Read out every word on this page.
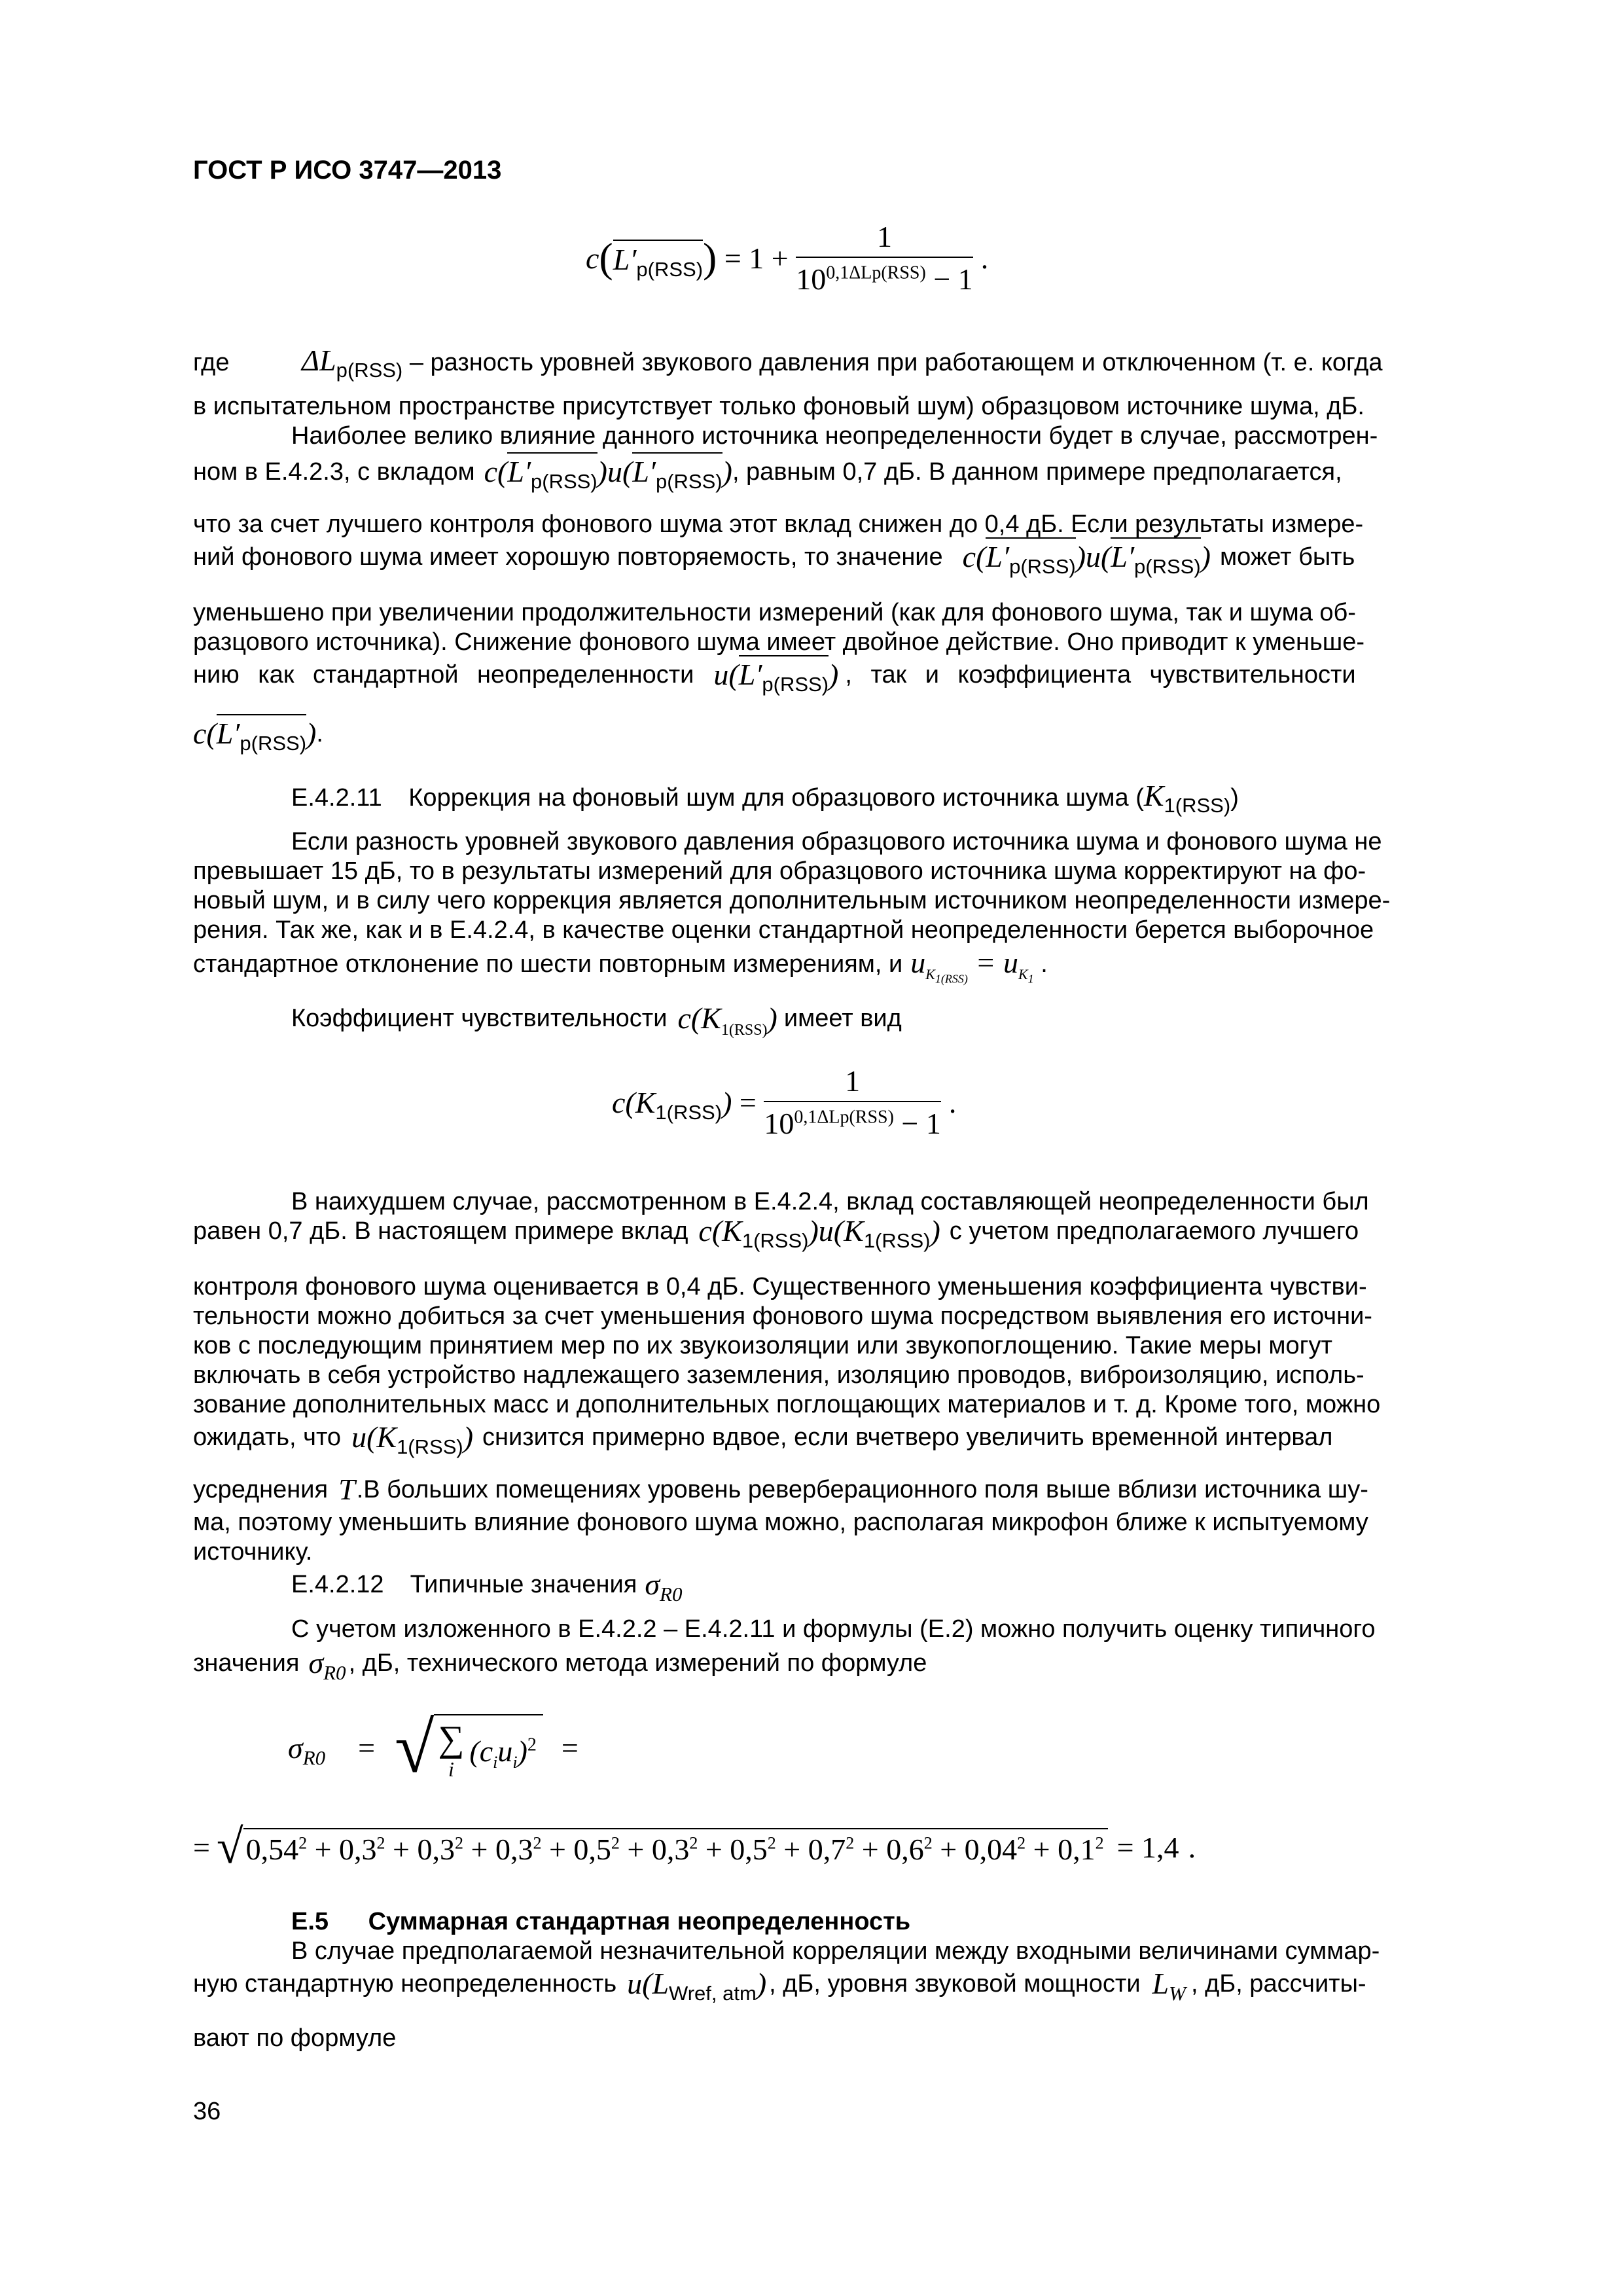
ГОСТ Р ИСО 3747—2013
c ( $L'_{p(RSS)}$ ) = $1 + \frac{1}{10^{0,1\Delta Lp(RSS)} - 1}$ .
где $\Delta L_{p(RSS)}$ – разность уровней звукового давления при работающем и отключенном (т. е. когда
в испытательном пространстве присутствует только фоновый шум) образцовом источнике шума, дБ.
Наиболее велико влияние данного источника неопределенности будет в случае, рассмотрен-
ном в Е.4.2.3, с вкладом $c(L'_{p(RSS)})u(L'_{p(RSS)})$ , равным 0,7 дБ. В данном примере предполагается,
что за счет лучшего контроля фонового шума этот вклад снижен до 0,4 дБ. Если результаты измере-
ний фонового шума имеет хорошую повторяемость, то значение $c(L'_{p(RSS)})u(L'_{p(RSS)})$ может быть
уменьшено при увеличении продолжительности измерений (как для фонового шума, так и шума об-
разцового источника). Снижение фонового шума имеет двойное действие. Оно приводит к уменьше-
нию как стандартной неопределенности $u(L'_{p(RSS)})$ , так и коэффициента чувствительности
$c(L'_{p(RSS)})$ .
Е.4.2.11 Коррекция на фоновый шум для образцового источника шума $(K_{1(RSS)})$
Если разность уровней звукового давления образцового источника шума и фонового шума не
превышает 15 дБ, то в результаты измерений для образцового источника шума корректируют на фо-
новый шум, и в силу чего коррекция является дополнительным источником неопределенности измере-
рения. Так же, как и в Е.4.2.4, в качестве оценки стандартной неопределенности берется выборочное
стандартное отклонение по шести повторным измерениям, и $u_{K_{1(RSS)}} = u_{K_1}$
.
Коэффициент чувствительности $c(K_{1(RSS)})$ имеет вид
$c(K_{1(RSS)}) = \frac{1}{10^{0,1\Delta Lp(RSS)} - 1}$ .
В наихудшем случае, рассмотренном в Е.4.2.4, вклад составляющей неопределенности был
равен 0,7 дБ. В настоящем примере вклад $c(K_{1(RSS)})u(K_{1(RSS)})$ с учетом предполагаемого лучшего
контроля фонового шума оценивается в 0,4 дБ. Существенного уменьшения коэффициента чувстви-
тельности можно добиться за счет уменьшения фонового шума посредством выявления его источни-
ков с последующим принятием мер по их звукоизоляции или звукопоглощению. Такие меры могут
включать в себя устройство надлежащего заземления, изоляцию проводов, виброизоляцию, исполь-
зование дополнительных масс и дополнительных поглощающих материалов и т. д. Кроме того, можно
ожидать, что $u(K_{1(RSS)})$ снизится примерно вдвое, если вчетверо увеличить временной интервал
усреднения T .В больших помещениях уровень реверберационного поля выше вблизи источника шу-
ма, поэтому уменьшить влияние фонового шума можно, располагая микрофон ближе к испытуемому
источнику.
Е.4.2.12 Типичные значения $\sigma_{R0}$
С учетом изложенного в Е.4.2.2 – Е.4.2.11 и формулы (Е.2) можно получить оценку типичного
значения $\sigma_{R0}$ , дБ, технического метода измерений по формуле
$\sigma_{R0}$ = √ ∑
i
$(c_iu_i)^2$ =
= √ $0,54^2 + 0,3^2 + 0,3^2 + 0,3^2 + 0,5^2 + 0,3^2 + 0,5^2 + 0,7^2 + 0,6^2 + 0,04^2 + 0,1^2 = 1,4$ .
Е.5 Суммарная стандартная неопределенность
В случае предполагаемой незначительной корреляции между входными величинами суммар-
ную стандартную неопределенность $u(L_{Wref, atm})$ , дБ, уровня звуковой мощности $L_W$ , дБ, рассчиты-
вают по формуле
36
